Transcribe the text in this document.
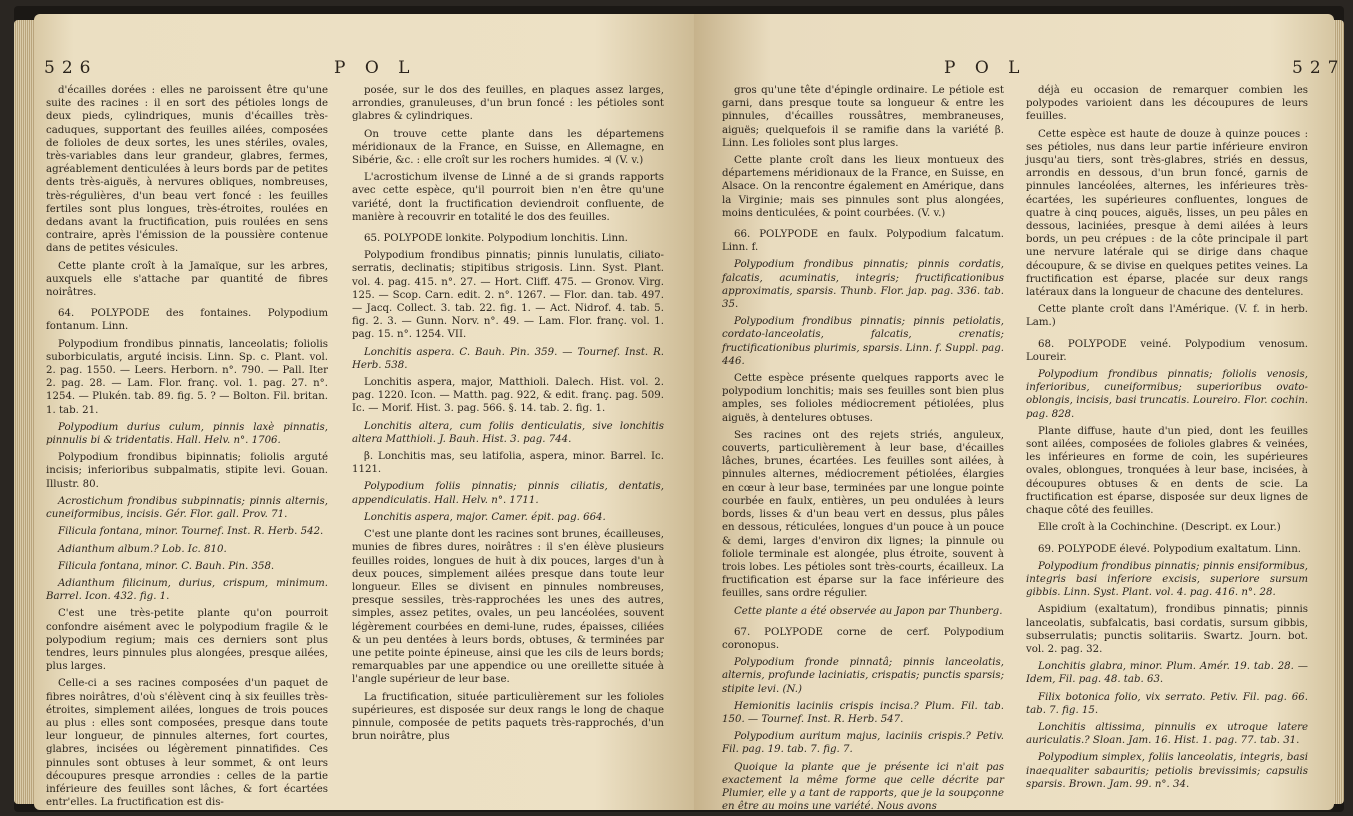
526	P O L

d'écailles dorées : elles ne paroissent être qu'une suite des racines : il en sort des pétioles longs de deux pieds, cylindriques, munis d'écailles très-caduques, supportant des feuilles ailées, composées de folioles de deux sortes, les unes stériles, ovales, très-variables dans leur grandeur, glabres, fermes, agréablement denticulées à leurs bords par de petites dents très-aiguës, à nervures obliques, nombreuses, très-régulières, d'un beau vert foncé : les feuilles fertiles sont plus longues, très-étroites, roulées en dedans avant la fructification, puis roulées en sens contraire, après l'émission de la poussière contenue dans de petites vésicules.

Cette plante croît à la Jamaïque, sur les arbres, auxquels elle s'attache par quantité de fibres noirâtres.

64. POLYPODE des fontaines. Polypodium fontanum. Linn.

Polypodium frondibus pinnatis, lanceolatis; foliolis suborbiculatis, arguté incisis. Linn. Sp. c. Plant. vol. 2. pag. 1550. — Leers. Herborn. n°. 790. — Pall. Iter 2. pag. 28. — Lam. Flor. franç. vol. 1. pag. 27. n°. 1254. — Plukén. tab. 89. fig. 5. ? — Bolton. Fil. britan. 1. tab. 21.

Polypodium durius culum, pinnis laxè pinnatis, pinnulis bi & tridentatis. Hall. Helv. n°. 1706.

Polypodium frondibus bipinnatis; foliolis arguté incisis; inferioribus subpalmatis, stipite levi. Gouan. Illustr. 80.

Acrostichum frondibus subpinnatis; pinnis alternis, cuneiformibus, incisis. Gér. Flor. gall. Prov. 71.

Filicula fontana, minor. Tournef. Inst. R. Herb. 542.

Adianthum album.? Lob. Ic. 810.

Filicula fontana, minor. C. Bauh. Pin. 358.

Adianthum filicinum, durius, crispum, minimum. Barrel. Icon. 432. fig. 1.

C'est une très-petite plante qu'on pourroit confondre aisément avec le polypodium fragile & le polypodium regium; mais ces derniers sont plus tendres, leurs pinnules plus alongées, presque ailées, plus larges.

Celle-ci a ses racines composées d'un paquet de fibres noirâtres, d'où s'élèvent cinq à six feuilles très-étroites, simplement ailées, longues de trois pouces au plus : elles sont composées, presque dans toute leur longueur, de pinnules alternes, fort courtes, glabres, incisées ou légèrement pinnatifides. Ces pinnules sont obtuses à leur sommet, & ont leurs découpures presque arrondies : celles de la partie inférieure des feuilles sont lâches, & fort écartées entr'elles. La fructification est dis-

posée, sur le dos des feuilles, en plaques assez larges, arrondies, granuleuses, d'un brun foncé : les pétioles sont glabres & cylindriques.

On trouve cette plante dans les départemens méridionaux de la France, en Suisse, en Allemagne, en Sibérie, &c. : elle croît sur les rochers humides. ♃ (V. v.)

L'acrostichum ilvense de Linné a de si grands rapports avec cette espèce, qu'il pourroit bien n'en être qu'une variété, dont la fructification deviendroit confluente, de manière à recouvrir en totalité le dos des feuilles.

65. POLYPODE lonkite. Polypodium lonchitis. Linn.

Polypodium frondibus pinnatis; pinnis lunulatis, ciliato-serratis, declinatis; stipitibus strigosis. Linn. Syst. Plant. vol. 4. pag. 415. n°. 27. — Hort. Cliff. 475. — Gronov. Virg. 125. — Scop. Carn. edit. 2. n°. 1267. — Flor. dan. tab. 497. — Jacq. Collect. 3. tab. 22. fig. 1. — Act. Nidrof. 4. tab. 5. fig. 2. 3. — Gunn. Norv. n°. 49. — Lam. Flor. franç. vol. 1. pag. 15. n°. 1254. VII.

Lonchitis aspera. C. Bauh. Pin. 359. — Tournef. Inst. R. Herb. 538.

Lonchitis aspera, major, Matthioli. Dalech. Hist. vol. 2. pag. 1220. Icon. — Matth. pag. 922, & edit. franç. pag. 509. Ic. — Morif. Hist. 3. pag. 566. §. 14. tab. 2. fig. 1.

Lonchitis altera, cum foliis denticulatis, sive lonchitis altera Matthioli. J. Bauh. Hist. 3. pag. 744.

β. Lonchitis mas, seu latifolia, aspera, minor. Barrel. Ic. 1121.

Polypodium foliis pinnatis; pinnis ciliatis, dentatis, appendiculatis. Hall. Helv. n°. 1711.

Lonchitis aspera, major. Camer. épit. pag. 664.

C'est une plante dont les racines sont brunes, écailleuses, munies de fibres dures, noirâtres : il s'en élève plusieurs feuilles roides, longues de huit à dix pouces, larges d'un à deux pouces, simplement ailées presque dans toute leur longueur. Elles se divisent en pinnules nombreuses, presque sessiles, très-rapprochées les unes des autres, simples, assez petites, ovales, un peu lancéolées, souvent légèrement courbées en demi-lune, rudes, épaisses, ciliées & un peu dentées à leurs bords, obtuses, & terminées par une petite pointe épineuse, ainsi que les cils de leurs bords; remarquables par une appendice ou une oreillette située à l'angle supérieur de leur base.

La fructification, située particulièrement sur les folioles supérieures, est disposée sur deux rangs le long de chaque pinnule, composée de petits paquets très-rapprochés, d'un brun noirâtre, plus

P O L	527

gros qu'une tête d'épingle ordinaire. Le pétiole est garni, dans presque toute sa longueur & entre les pinnules, d'écailles roussâtres, membraneuses, aiguës; quelquefois il se ramifie dans la variété β. Linn. Les folioles sont plus larges.

Cette plante croît dans les lieux montueux des départemens méridionaux de la France, en Suisse, en Alsace. On la rencontre également en Amérique, dans la Virginie; mais ses pinnules sont plus alongées, moins denticulées, & point courbées. (V. v.)

66. POLYPODE en faulx. Polypodium falcatum. Linn. f.

Polypodium frondibus pinnatis; pinnis cordatis, falcatis, acuminatis, integris; fructificationibus approximatis, sparsis. Thunb. Flor. jap. pag. 336. tab. 35.

Polypodium frondibus pinnatis; pinnis petiolatis, cordato-lanceolatis, falcatis, crenatis; fructificationibus plurimis, sparsis. Linn. f. Suppl. pag. 446.

Cette espèce présente quelques rapports avec le polypodium lonchitis; mais ses feuilles sont bien plus amples, ses folioles médiocrement pétiolées, plus aiguës, à dentelures obtuses.

Ses racines ont des rejets striés, anguleux, couverts, particulièrement à leur base, d'écailles lâches, brunes, écartées. Les feuilles sont ailées, à pinnules alternes, médiocrement pétiolées, élargies en cœur à leur base, terminées par une longue pointe courbée en faulx, entières, un peu ondulées à leurs bords, lisses & d'un beau vert en dessus, plus pâles en dessous, réticulées, longues d'un pouce à un pouce & demi, larges d'environ dix lignes; la pinnule ou foliole terminale est alongée, plus étroite, souvent à trois lobes. Les pétioles sont très-courts, écailleux. La fructification est éparse sur la face inférieure des feuilles, sans ordre régulier.

Cette plante a été observée au Japon par Thunberg.

67. POLYPODE corne de cerf. Polypodium coronopus.

Polypodium fronde pinnatâ; pinnis lanceolatis, alternis, profunde laciniatis, crispatis; punctis sparsis; stipite levi. (N.)

Hemionitis laciniis crispis incisa.? Plum. Fil. tab. 150. — Tournef. Inst. R. Herb. 547.

Polypodium auritum majus, laciniis crispis.? Petiv. Fil. pag. 19. tab. 7. fig. 7.

Quoique la plante que je présente ici n'ait pas exactement la même forme que celle décrite par Plumier, elle y a tant de rapports, que je la soupçonne en être au moins une variété. Nous avons

déjà eu occasion de remarquer combien les polypodes varioient dans les découpures de leurs feuilles.

Cette espèce est haute de douze à quinze pouces : ses pétioles, nus dans leur partie inférieure environ jusqu'au tiers, sont très-glabres, striés en dessus, arrondis en dessous, d'un brun foncé, garnis de pinnules lancéolées, alternes, les inférieures très-écartées, les supérieures confluentes, longues de quatre à cinq pouces, aiguës, lisses, un peu pâles en dessous, laciniées, presque à demi ailées à leurs bords, un peu crépues : de la côte principale il part une nervure latérale qui se dirige dans chaque découpure, & se divise en quelques petites veines. La fructification est éparse, placée sur deux rangs latéraux dans la longueur de chacune des dentelures.

Cette plante croît dans l'Amérique. (V. f. in herb. Lam.)

68. POLYPODE veiné. Polypodium venosum. Loureir.

Polypodium frondibus pinnatis; foliolis venosis, inferioribus, cuneiformibus; superioribus ovato-oblongis, incisis, basi truncatis. Loureiro. Flor. cochin. pag. 828.

Plante diffuse, haute d'un pied, dont les feuilles sont ailées, composées de folioles glabres & veinées, les inférieures en forme de coin, les supérieures ovales, oblongues, tronquées à leur base, incisées, à découpures obtuses & en dents de scie. La fructification est éparse, disposée sur deux lignes de chaque côté des feuilles.

Elle croît à la Cochinchine. (Descript. ex Lour.)

69. POLYPODE élevé. Polypodium exaltatum. Linn.

Polypodium frondibus pinnatis; pinnis ensiformibus, integris basi inferiore excisis, superiore sursum gibbis. Linn. Syst. Plant. vol. 4. pag. 416. n°. 28.

Aspidium (exaltatum), frondibus pinnatis; pinnis lanceolatis, subfalcatis, basi cordatis, sursum gibbis, subserrulatis; punctis solitariis. Swartz. Journ. bot. vol. 2. pag. 32.

Lonchitis glabra, minor. Plum. Amér. 19. tab. 28. — Idem, Fil. pag. 48. tab. 63.

Filix botonica folio, vix serrato. Petiv. Fil. pag. 66. tab. 7. fig. 15.

Lonchitis altissima, pinnulis ex utroque latere auriculatis.? Sloan. Jam. 16. Hist. 1. pag. 77. tab. 31.

Polypodium simplex, foliis lanceolatis, integris, basi inaequaliter sabauritis; petiolis brevissimis; capsulis sparsis. Brown. Jam. 99. n°. 34.
